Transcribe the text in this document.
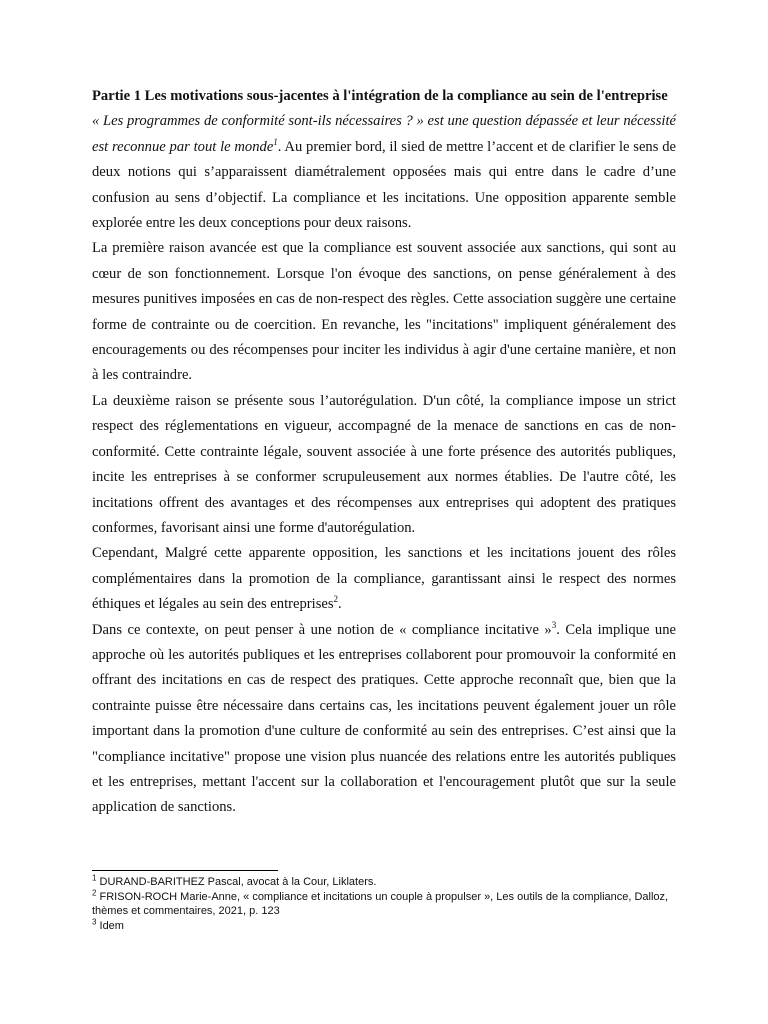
Partie 1 Les motivations sous-jacentes à l'intégration de la compliance au sein de l'entreprise

« Les programmes de conformité sont-ils nécessaires ? » est une question dépassée et leur nécessité est reconnue par tout le monde$^1$. Au premier bord, il sied de mettre l’accent et de clarifier le sens de deux notions qui s’apparaissent diamétralement opposées mais qui entre dans le cadre d’une confusion au sens d’objectif. La compliance et les incitations. Une opposition apparente semble explorée entre les deux conceptions pour deux raisons.

La première raison avancée est que la compliance est souvent associée aux sanctions, qui sont au cœur de son fonctionnement. Lorsque l'on évoque des sanctions, on pense généralement à des mesures punitives imposées en cas de non-respect des règles. Cette association suggère une certaine forme de contrainte ou de coercition. En revanche, les "incitations" impliquent généralement des encouragements ou des récompenses pour inciter les individus à agir d'une certaine manière, et non à les contraindre.

La deuxième raison se présente sous l’autorégulation. D'un côté, la compliance impose un strict respect des réglementations en vigueur, accompagné de la menace de sanctions en cas de non-conformité. Cette contrainte légale, souvent associée à une forte présence des autorités publiques, incite les entreprises à se conformer scrupuleusement aux normes établies. De l'autre côté, les incitations offrent des avantages et des récompenses aux entreprises qui adoptent des pratiques conformes, favorisant ainsi une forme d'autorégulation.

Cependant, Malgré cette apparente opposition, les sanctions et les incitations jouent des rôles complémentaires dans la promotion de la compliance, garantissant ainsi le respect des normes éthiques et légales au sein des entreprises$^2$.

Dans ce contexte, on peut penser à une notion de « compliance incitative »$^3$. Cela implique une approche où les autorités publiques et les entreprises collaborent pour promouvoir la conformité en offrant des incitations en cas de respect des pratiques. Cette approche reconnaît que, bien que la contrainte puisse être nécessaire dans certains cas, les incitations peuvent également jouer un rôle important dans la promotion d'une culture de conformité au sein des entreprises. C’est ainsi que la "compliance incitative" propose une vision plus nuancée des relations entre les autorités publiques et les entreprises, mettant l'accent sur la collaboration et l'encouragement plutôt que sur la seule application de sanctions.

$^1$ DURAND-BARITHEZ Pascal, avocat à la Cour, Liklaters.

$^2$ FRISON-ROCH Marie-Anne, « compliance et incitations un couple à propulser », Les outils de la compliance, Dalloz, thèmes et commentaires, 2021, p. 123

$^3$ Idem
